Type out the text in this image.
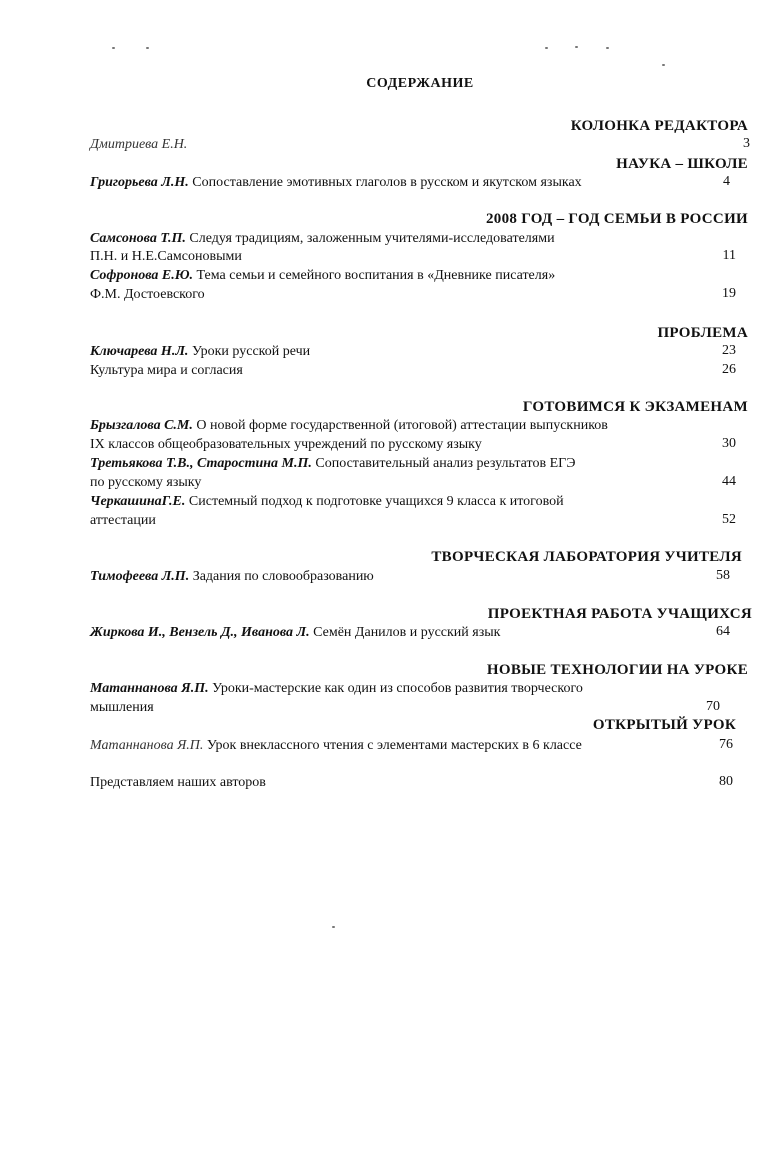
СОДЕРЖАНИЕ
КОЛОНКА РЕДАКТОРА
Дмитриева Е.Н.	3
НАУКА – ШКОЛЕ
Григорьева Л.Н. Сопоставление эмотивных глаголов в русском и якутском языках	4
2008 ГОД – ГОД СЕМЬИ В РОССИИ
Самсонова Т.П. Следуя традициям, заложенным учителями-исследователями
П.Н. и Н.Е.Самсоновыми	11
Софронова Е.Ю. Тема семьи и семейного воспитания в «Дневнике писателя»
Ф.М. Достоевского	19
ПРОБЛЕМА
Ключарева Н.Л. Уроки русской речи	23
Культура мира и согласия	26
ГОТОВИМСЯ К ЭКЗАМЕНАМ
Брызгалова С.М. О новой форме государственной (итоговой) аттестации выпускников
IX классов общеобразовательных учреждений по русскому языку	30
Третьякова Т.В., Старостина М.П. Сопоставительный анализ результатов ЕГЭ
по русскому языку	44
ЧеркашинаГ.Е. Системный подход к подготовке учащихся 9 класса к итоговой
аттестации	52
ТВОРЧЕСКАЯ ЛАБОРАТОРИЯ УЧИТЕЛЯ
Тимофеева Л.П. Задания по словообразованию	58
ПРОЕКТНАЯ РАБОТА УЧАЩИХСЯ
Жиркова И., Вензель Д., Иванова Л. Семён Данилов и русский язык	64
НОВЫЕ ТЕХНОЛОГИИ НА УРОКЕ
Матаннанова Я.П. Уроки-мастерские как один из способов развития творческого
мышления	70
ОТКРЫТЫЙ УРОК
Матаннанова Я.П. Урок внеклассного чтения с элементами мастерских в 6 классе	76
Представляем наших авторов	80
